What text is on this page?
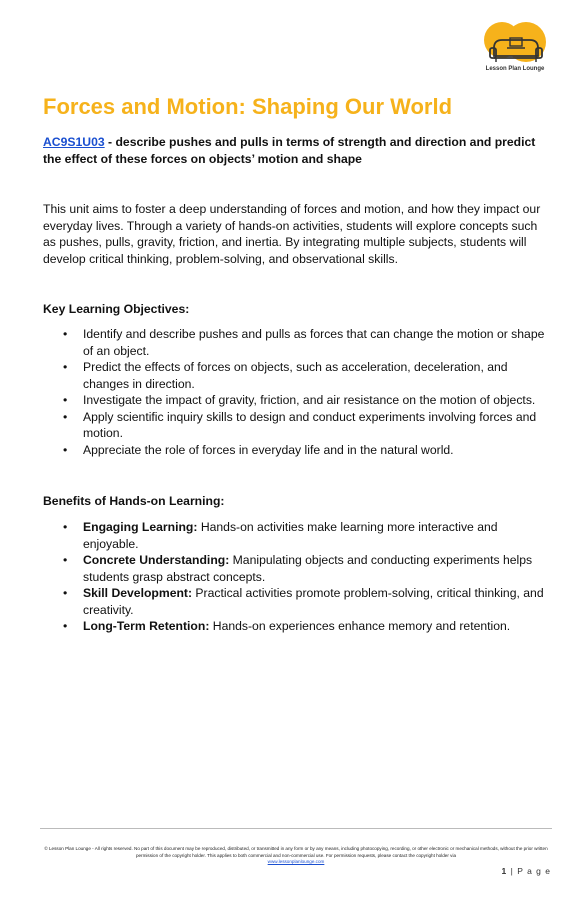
Lesson Plan Lounge
Forces and Motion: Shaping Our World
AC9S1U03 - describe pushes and pulls in terms of strength and direction and predict the effect of these forces on objects’ motion and shape

This unit aims to foster a deep understanding of forces and motion, and how they impact our everyday lives. Through a variety of hands-on activities, students will explore concepts such as pushes, pulls, gravity, friction, and inertia. By integrating multiple subjects, students will develop critical thinking, problem-solving, and observational skills.

Key Learning Objectives:
• Identify and describe pushes and pulls as forces that can change the motion or shape of an object.
• Predict the effects of forces on objects, such as acceleration, deceleration, and changes in direction.
• Investigate the impact of gravity, friction, and air resistance on the motion of objects.
• Apply scientific inquiry skills to design and conduct experiments involving forces and motion.
• Appreciate the role of forces in everyday life and in the natural world.
Benefits of Hands-on Learning:
• Engaging Learning: Hands-on activities make learning more interactive and enjoyable.
• Concrete Understanding: Manipulating objects and conducting experiments helps students grasp abstract concepts.
• Skill Development: Practical activities promote problem-solving, critical thinking, and creativity.
• Long-Term Retention: Hands-on experiences enhance memory and retention.
© Lesson Plan Lounge - All rights reserved. No part of this document may be reproduced, distributed, or transmitted in any form or by any means, including photocopying, recording, or other electronic or mechanical methods, without the prior written permission of the copyright holder. This applies to both commercial and non-commercial use. For permission requests, please contact the copyright holder via
www.lessonplanlounge.com
1 | P a g e
